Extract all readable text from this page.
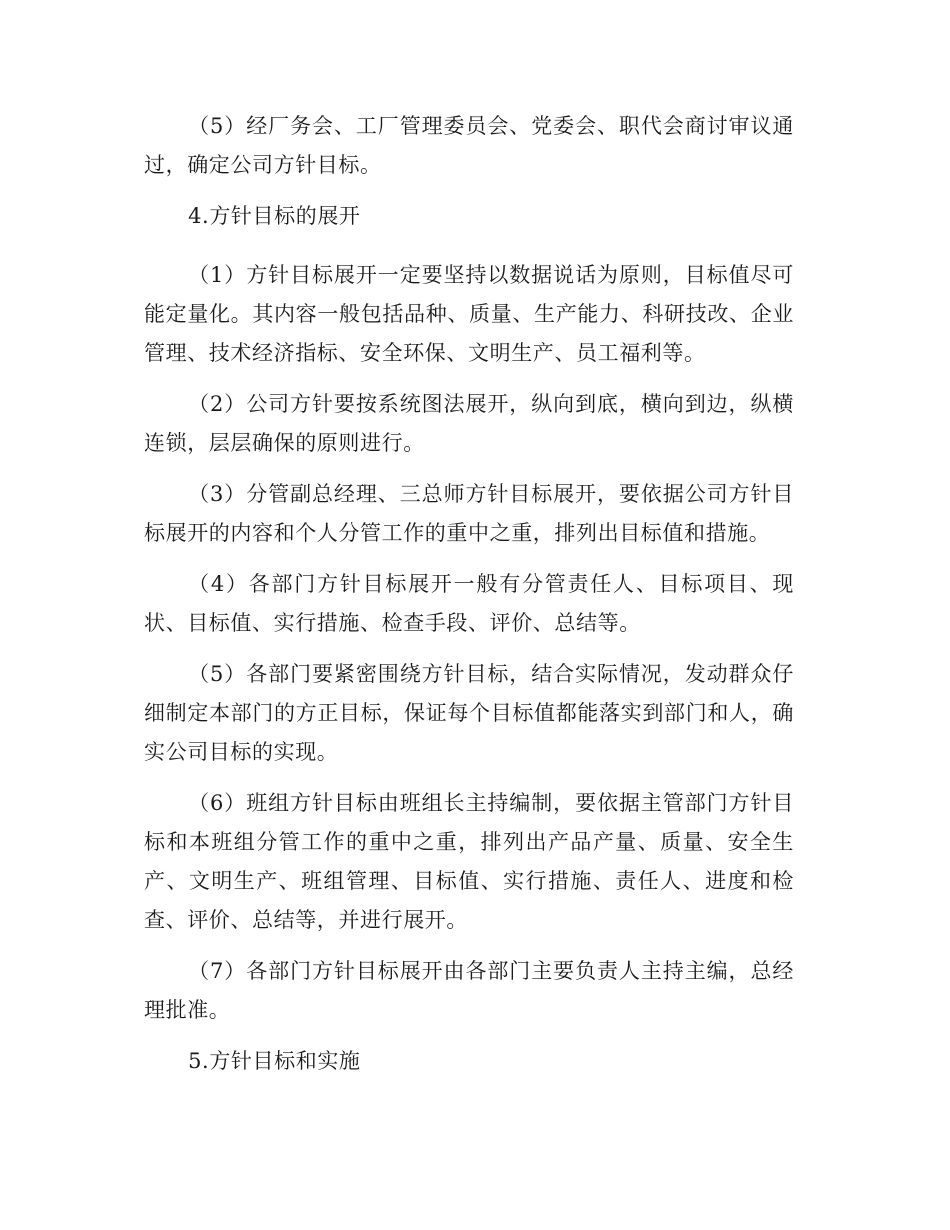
（5）经厂务会、工厂管理委员会、党委会、职代会商讨审议通过，确定公司方针目标。

4.方针目标的展开

（1）方针目标展开一定要坚持以数据说话为原则，目标值尽可能定量化。其内容一般包括品种、质量、生产能力、科研技改、企业管理、技术经济指标、安全环保、文明生产、员工福利等。

（2）公司方针要按系统图法展开，纵向到底，横向到边，纵横连锁，层层确保的原则进行。

（3）分管副总经理、三总师方针目标展开，要依据公司方针目标展开的内容和个人分管工作的重中之重，排列出目标值和措施。

（4）各部门方针目标展开一般有分管责任人、目标项目、现状、目标值、实行措施、检查手段、评价、总结等。

（5）各部门要紧密围绕方针目标，结合实际情况，发动群众仔细制定本部门的方正目标，保证每个目标值都能落实到部门和人，确实公司目标的实现。

（6）班组方针目标由班组长主持编制，要依据主管部门方针目标和本班组分管工作的重中之重，排列出产品产量、质量、安全生产、文明生产、班组管理、目标值、实行措施、责任人、进度和检查、评价、总结等，并进行展开。

（7）各部门方针目标展开由各部门主要负责人主持主编，总经理批准。

5.方针目标和实施
